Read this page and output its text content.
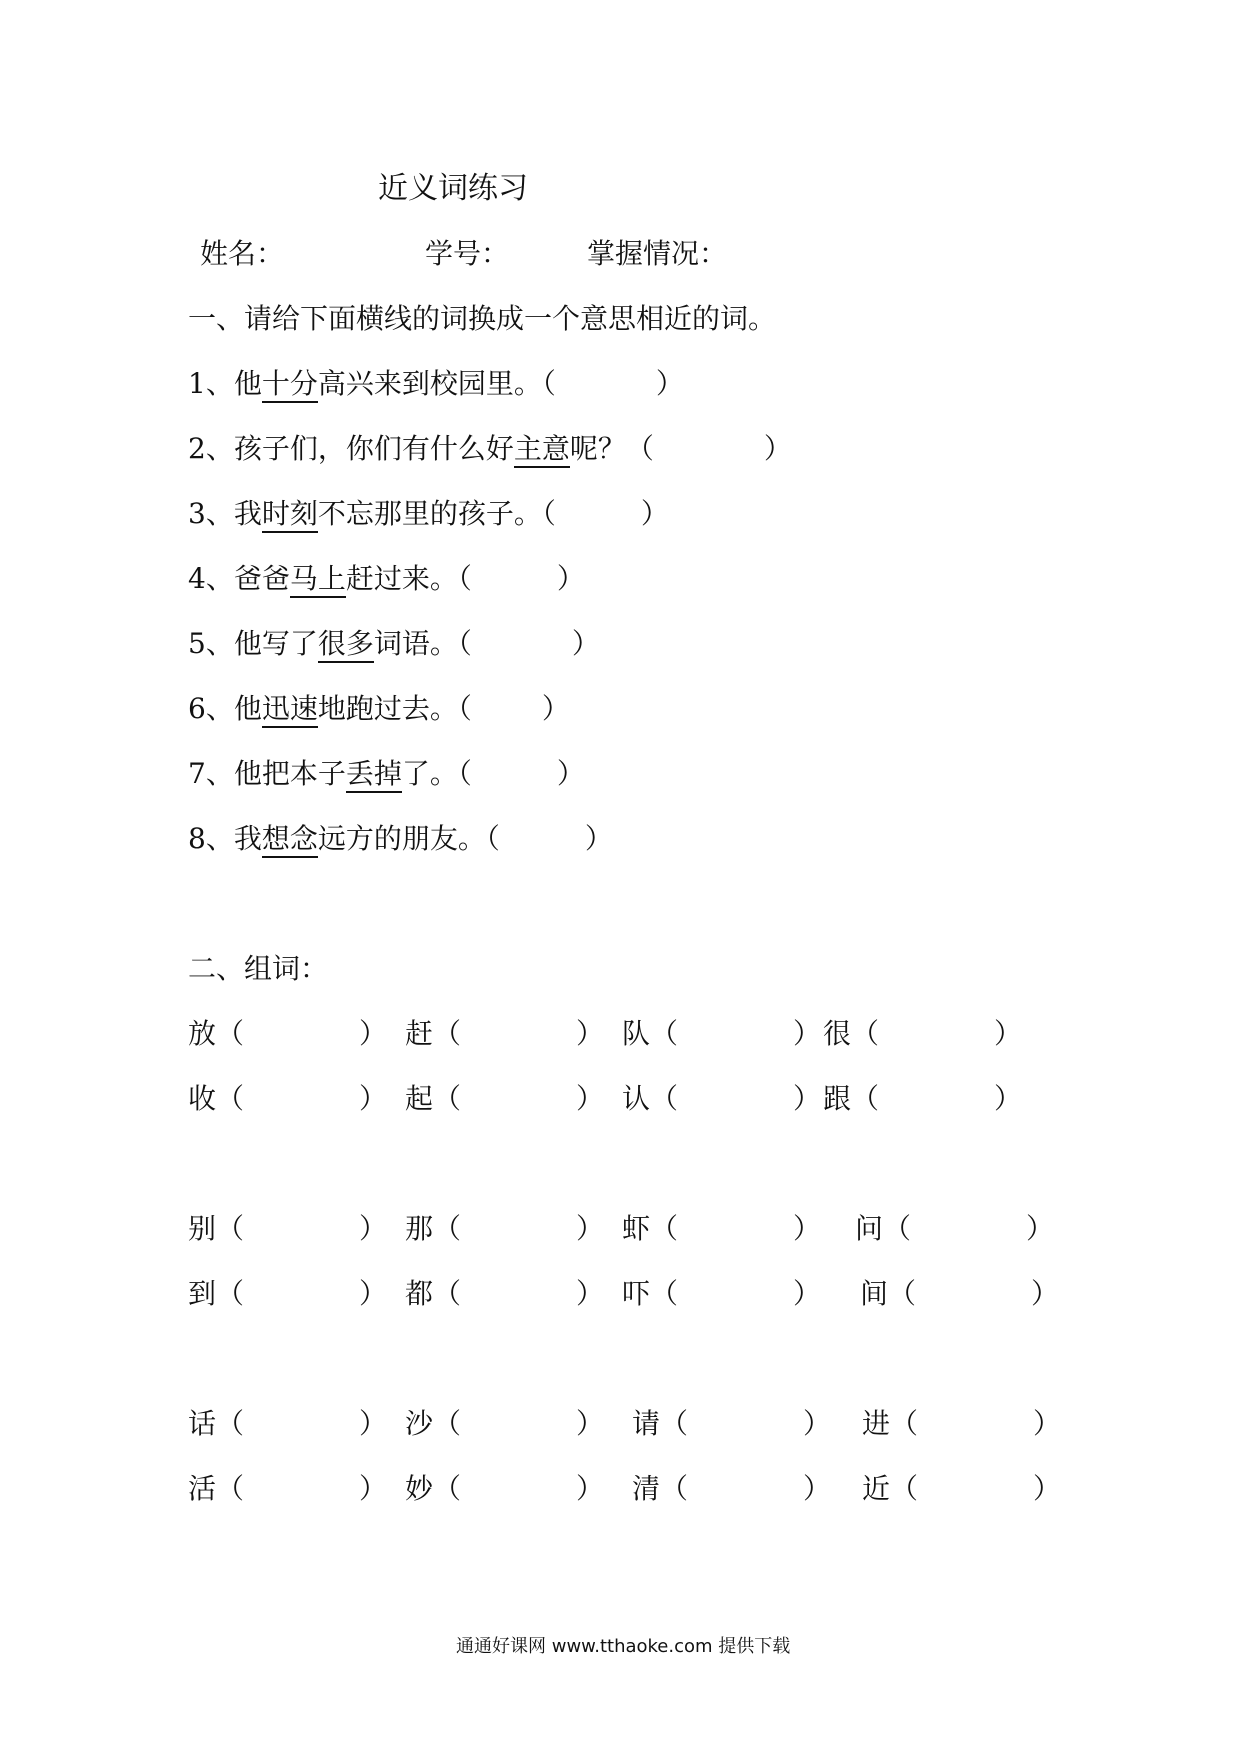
近义词练习
姓名：	学号：	掌握情况：
一、请给下面横线的词换成一个意思相近的词。
1、他十分高兴来到校园里。（	）
2、孩子们，你们有什么好主意呢？（	）
3、我时刻不忘那里的孩子。（	）
4、爸爸马上赶过来。（	）
5、他写了很多词语。（	）
6、他迅速地跑过去。（	）
7、他把本子丢掉了。（	）
8、我想念远方的朋友。（	）
二、组词：
放（	） 赶（	） 队（	） 很（	）
收（	） 起（	） 认（	） 跟（	）
别（	） 那（	） 虾（	） 问（	）
到（	） 都（	） 吓（	） 间（	）
话（	） 沙（	） 请（	） 进（	）
活（	） 妙（	） 清（	） 近（	）
通通好课网 www.tthaoke.com 提供下载
